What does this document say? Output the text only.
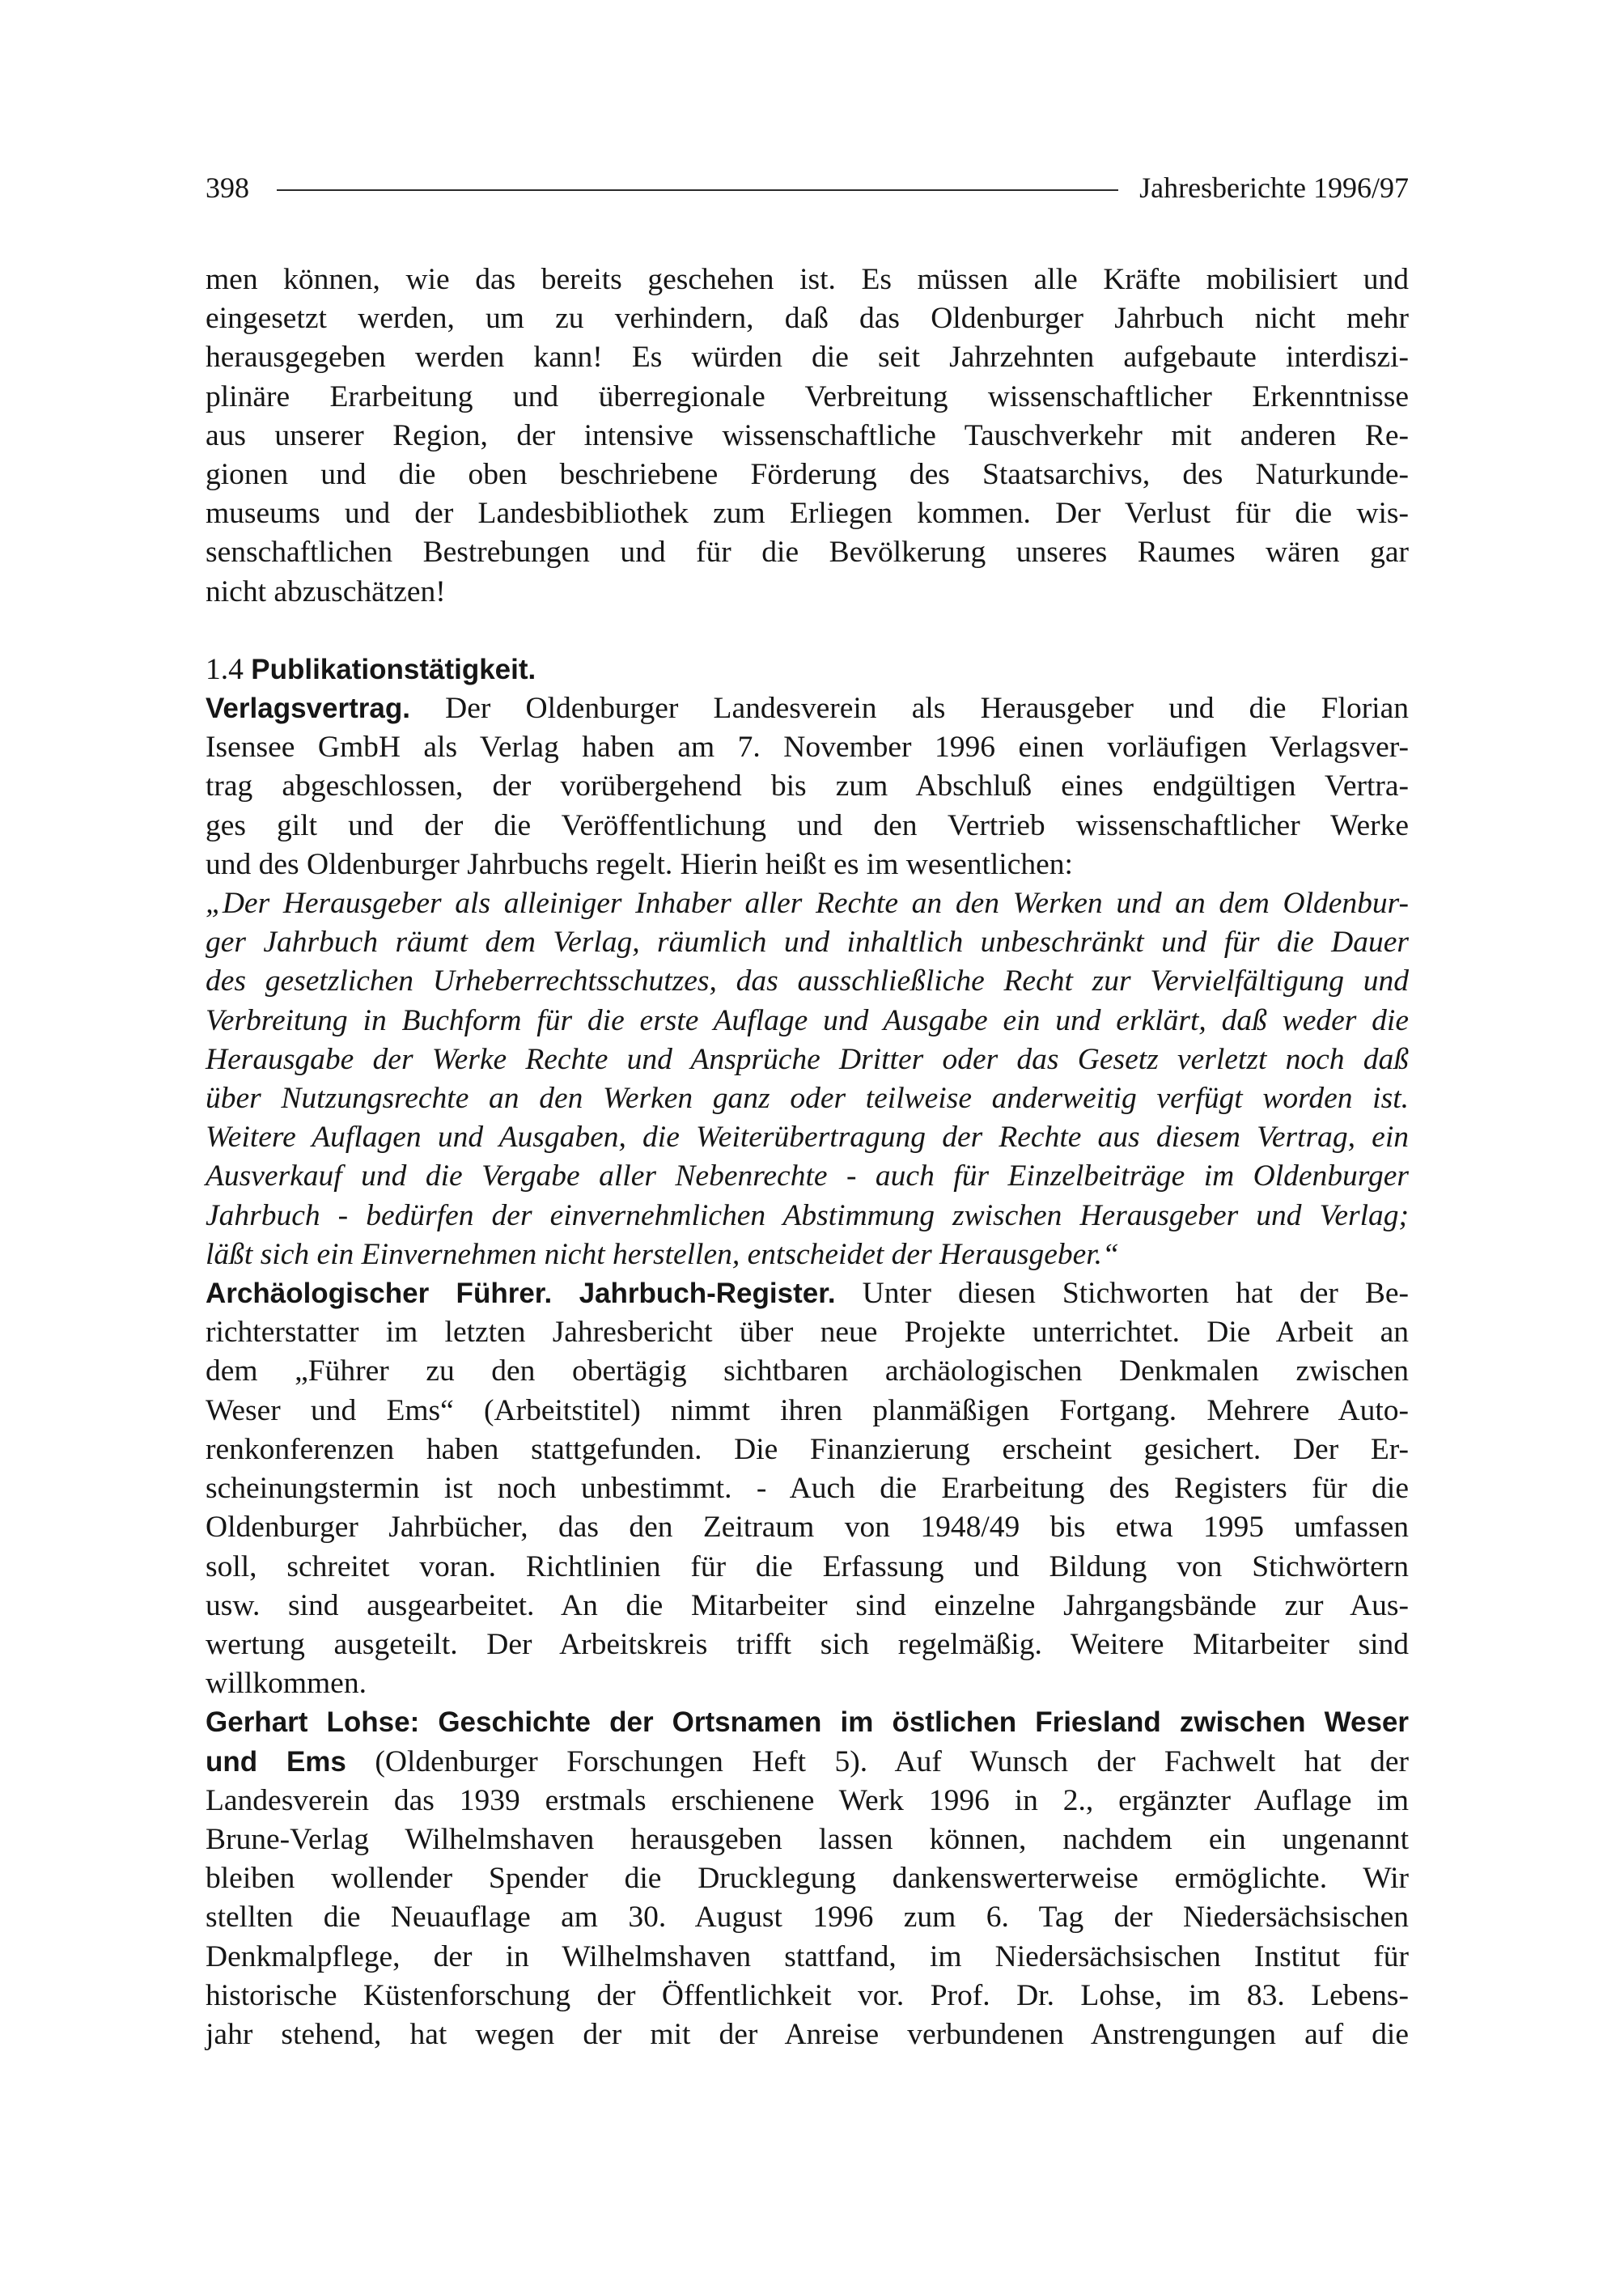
398	Jahresberichte 1996/97

men können, wie das bereits geschehen ist. Es müssen alle Kräfte mobilisiert und

eingesetzt werden, um zu verhindern, daß das Oldenburger Jahrbuch nicht mehr

herausgegeben werden kann! Es würden die seit Jahrzehnten aufgebaute interdiszi-

plinäre Erarbeitung und überregionale Verbreitung wissenschaftlicher Erkenntnisse

aus unserer Region, der intensive wissenschaftliche Tauschverkehr mit anderen Re-

gionen und die oben beschriebene Förderung des Staatsarchivs, des Naturkunde-

museums und der Landesbibliothek zum Erliegen kommen. Der Verlust für die wis-

senschaftlichen Bestrebungen und für die Bevölkerung unseres Raumes wären gar

nicht abzuschätzen!

1.4 Publikationstätigkeit.

Verlagsvertrag. Der Oldenburger Landesverein als Herausgeber und die Florian

Isensee GmbH als Verlag haben am 7. November 1996 einen vorläufigen Verlagsver-

trag abgeschlossen, der vorübergehend bis zum Abschluß eines endgültigen Vertra-

ges gilt und der die Veröffentlichung und den Vertrieb wissenschaftlicher Werke

und des Oldenburger Jahrbuchs regelt. Hierin heißt es im wesentlichen:

„Der Herausgeber als alleiniger Inhaber aller Rechte an den Werken und an dem Oldenbur-

ger Jahrbuch räumt dem Verlag, räumlich und inhaltlich unbeschränkt und für die Dauer

des gesetzlichen Urheberrechtsschutzes, das ausschließliche Recht zur Vervielfältigung und

Verbreitung in Buchform für die erste Auflage und Ausgabe ein und erklärt, daß weder die

Herausgabe der Werke Rechte und Ansprüche Dritter oder das Gesetz verletzt noch daß

über Nutzungsrechte an den Werken ganz oder teilweise anderweitig verfügt worden ist.

Weitere Auflagen und Ausgaben, die Weiterübertragung der Rechte aus diesem Vertrag, ein

Ausverkauf und die Vergabe aller Nebenrechte - auch für Einzelbeiträge im Oldenburger

Jahrbuch - bedürfen der einvernehmlichen Abstimmung zwischen Herausgeber und Verlag;

läßt sich ein Einvernehmen nicht herstellen, entscheidet der Herausgeber.“

Archäologischer Führer. Jahrbuch-Register. Unter diesen Stichworten hat der Be-

richterstatter im letzten Jahresbericht über neue Projekte unterrichtet. Die Arbeit an

dem „Führer zu den obertägig sichtbaren archäologischen Denkmalen zwischen

Weser und Ems“ (Arbeitstitel) nimmt ihren planmäßigen Fortgang. Mehrere Auto-

renkonferenzen haben stattgefunden. Die Finanzierung erscheint gesichert. Der Er-

scheinungstermin ist noch unbestimmt. - Auch die Erarbeitung des Registers für die

Oldenburger Jahrbücher, das den Zeitraum von 1948/49 bis etwa 1995 umfassen

soll, schreitet voran. Richtlinien für die Erfassung und Bildung von Stichwörtern

usw. sind ausgearbeitet. An die Mitarbeiter sind einzelne Jahrgangsbände zur Aus-

wertung ausgeteilt. Der Arbeitskreis trifft sich regelmäßig. Weitere Mitarbeiter sind

willkommen.

Gerhart Lohse: Geschichte der Ortsnamen im östlichen Friesland zwischen Weser

und Ems (Oldenburger Forschungen Heft 5). Auf Wunsch der Fachwelt hat der

Landesverein das 1939 erstmals erschienene Werk 1996 in 2., ergänzter Auflage im

Brune-Verlag Wilhelmshaven herausgeben lassen können, nachdem ein ungenannt

bleiben wollender Spender die Drucklegung dankenswerterweise ermöglichte. Wir

stellten die Neuauflage am 30. August 1996 zum 6. Tag der Niedersächsischen

Denkmalpflege, der in Wilhelmshaven stattfand, im Niedersächsischen Institut für

historische Küstenforschung der Öffentlichkeit vor. Prof. Dr. Lohse, im 83. Lebens-

jahr stehend, hat wegen der mit der Anreise verbundenen Anstrengungen auf die
